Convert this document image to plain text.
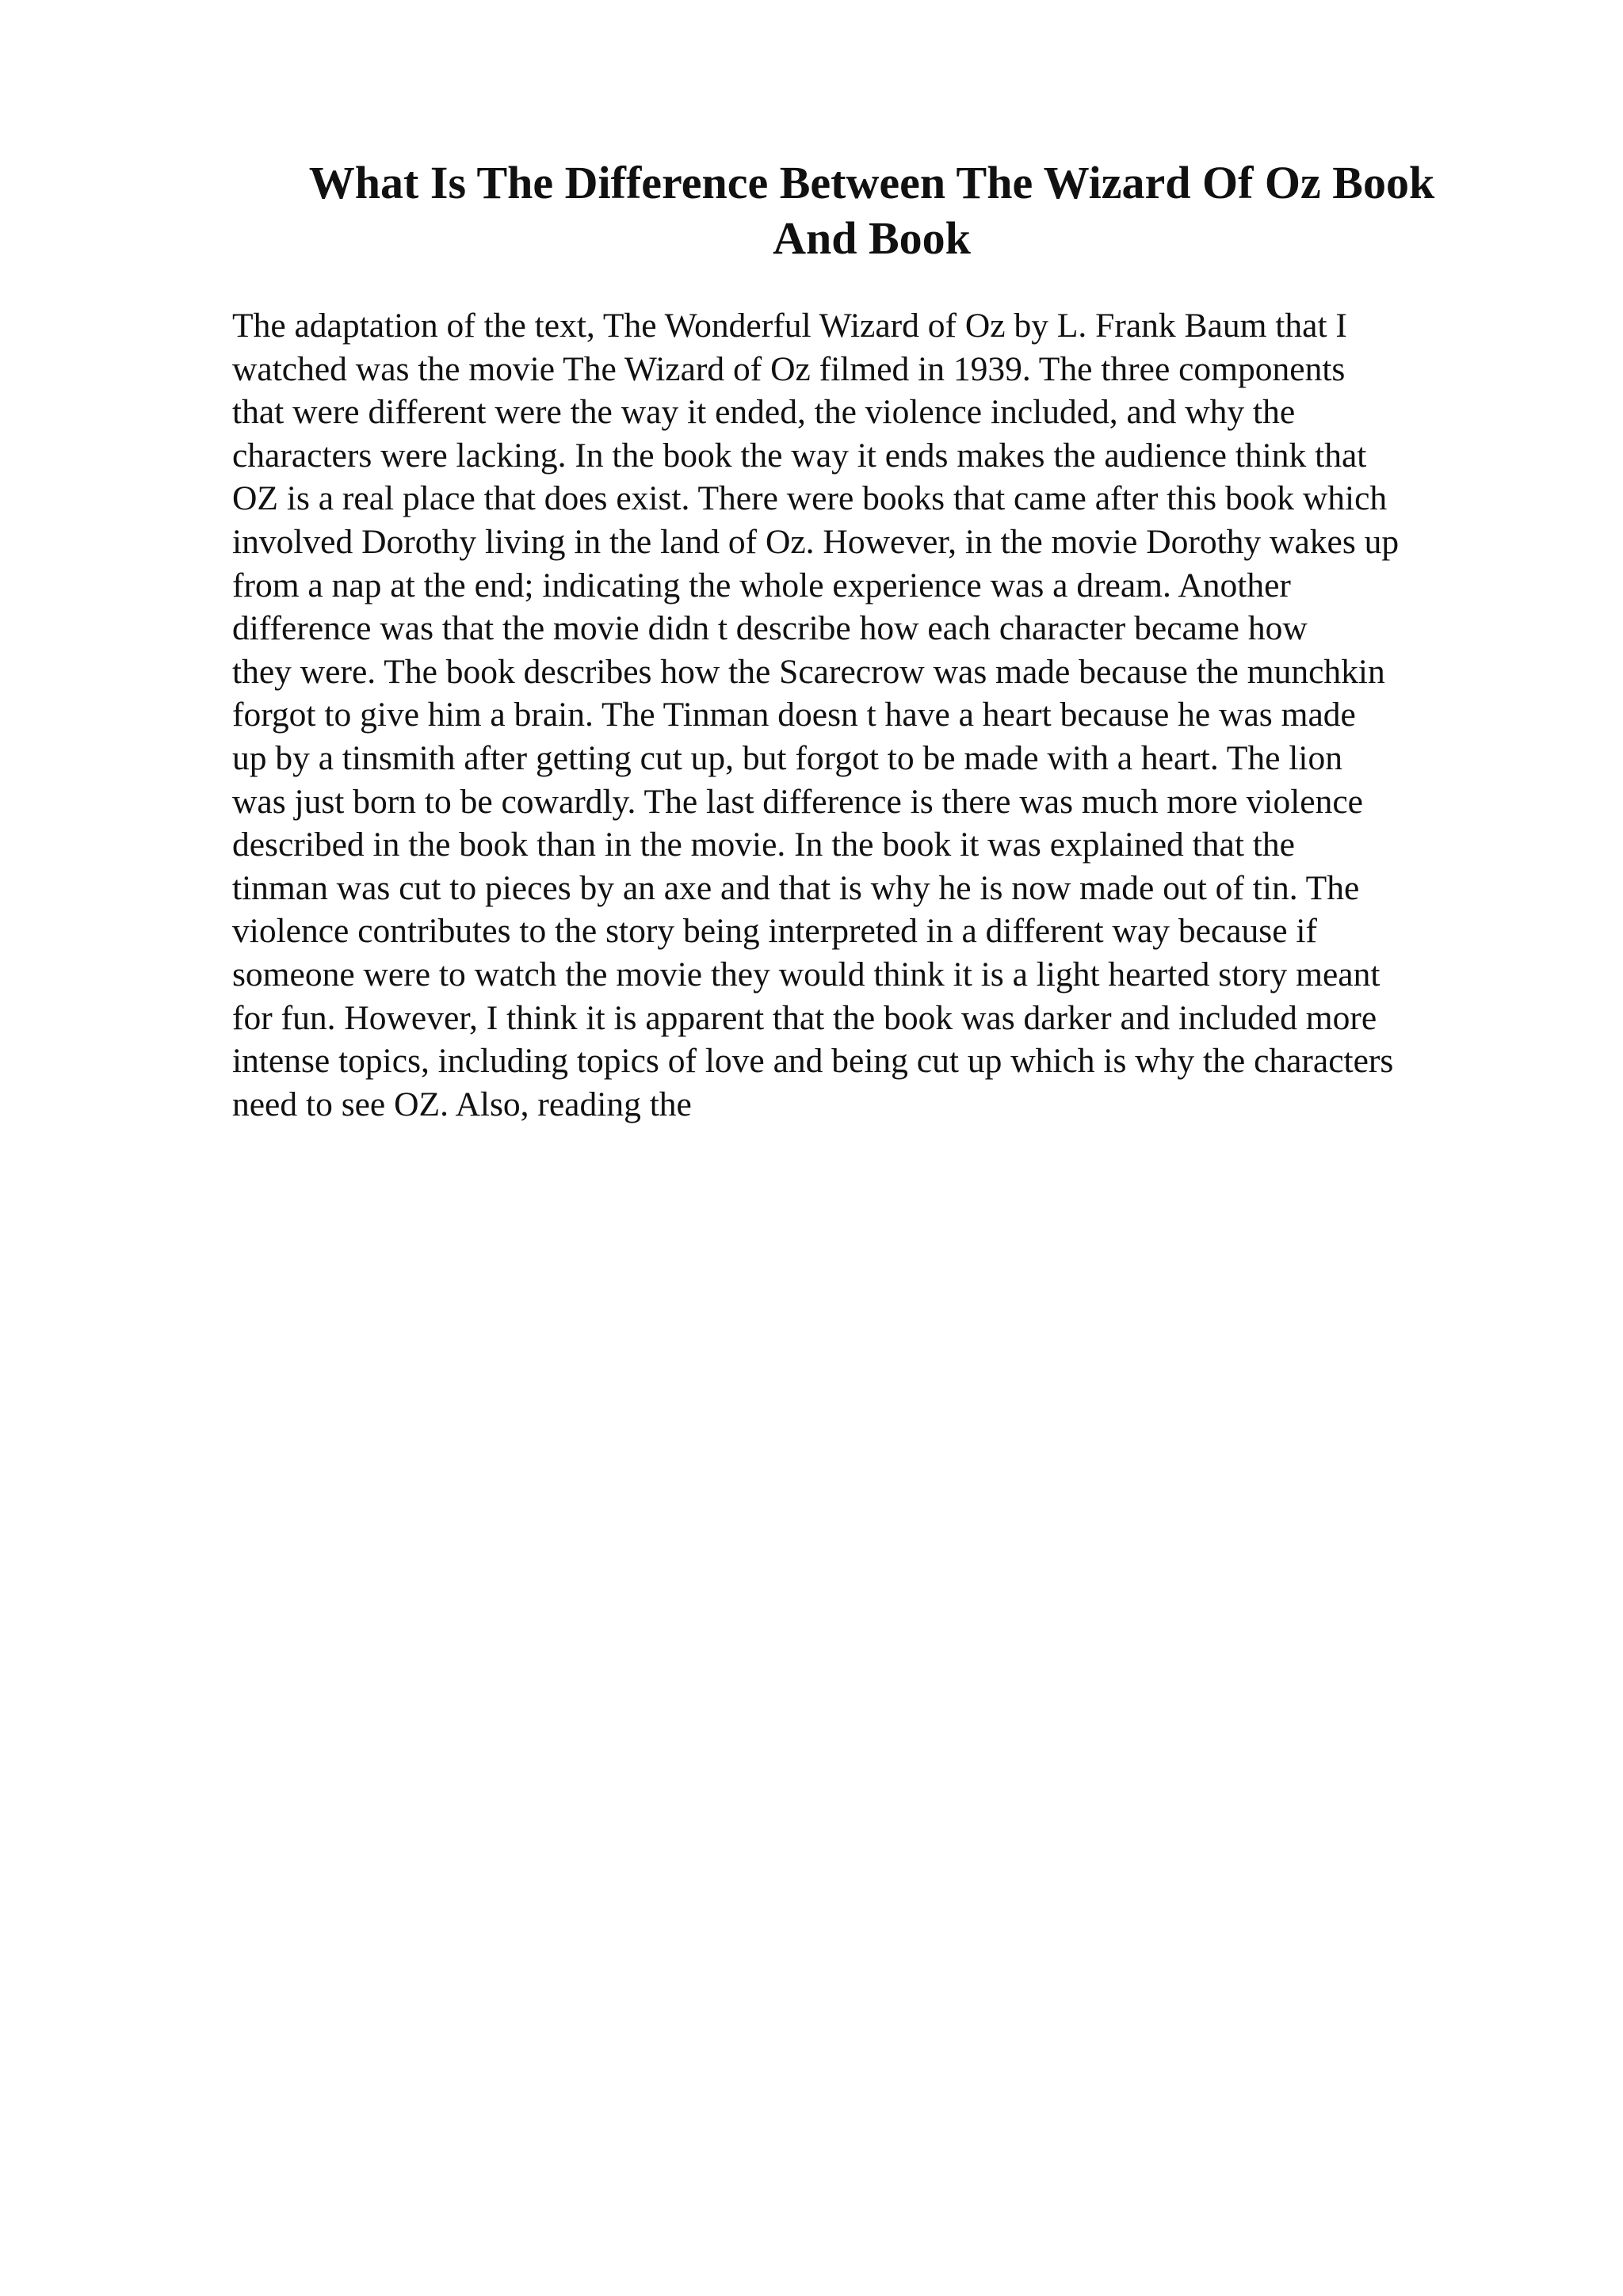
What Is The Difference Between The Wizard Of Oz Book
And Book
The adaptation of the text, The Wonderful Wizard of Oz by L. Frank Baum that I
watched was the movie The Wizard of Oz filmed in 1939. The three components
that were different were the way it ended, the violence included, and why the
characters were lacking. In the book the way it ends makes the audience think that
OZ is a real place that does exist. There were books that came after this book which
involved Dorothy living in the land of Oz. However, in the movie Dorothy wakes up
from a nap at the end; indicating the whole experience was a dream. Another
difference was that the movie didn t describe how each character became how
they were. The book describes how the Scarecrow was made because the munchkin
forgot to give him a brain. The Tinman doesn t have a heart because he was made
up by a tinsmith after getting cut up, but forgot to be made with a heart. The lion
was just born to be cowardly. The last difference is there was much more violence
described in the book than in the movie. In the book it was explained that the
tinman was cut to pieces by an axe and that is why he is now made out of tin. The
violence contributes to the story being interpreted in a different way because if
someone were to watch the movie they would think it is a light hearted story meant
for fun. However, I think it is apparent that the book was darker and included more
intense topics, including topics of love and being cut up which is why the characters
need to see OZ. Also, reading the
